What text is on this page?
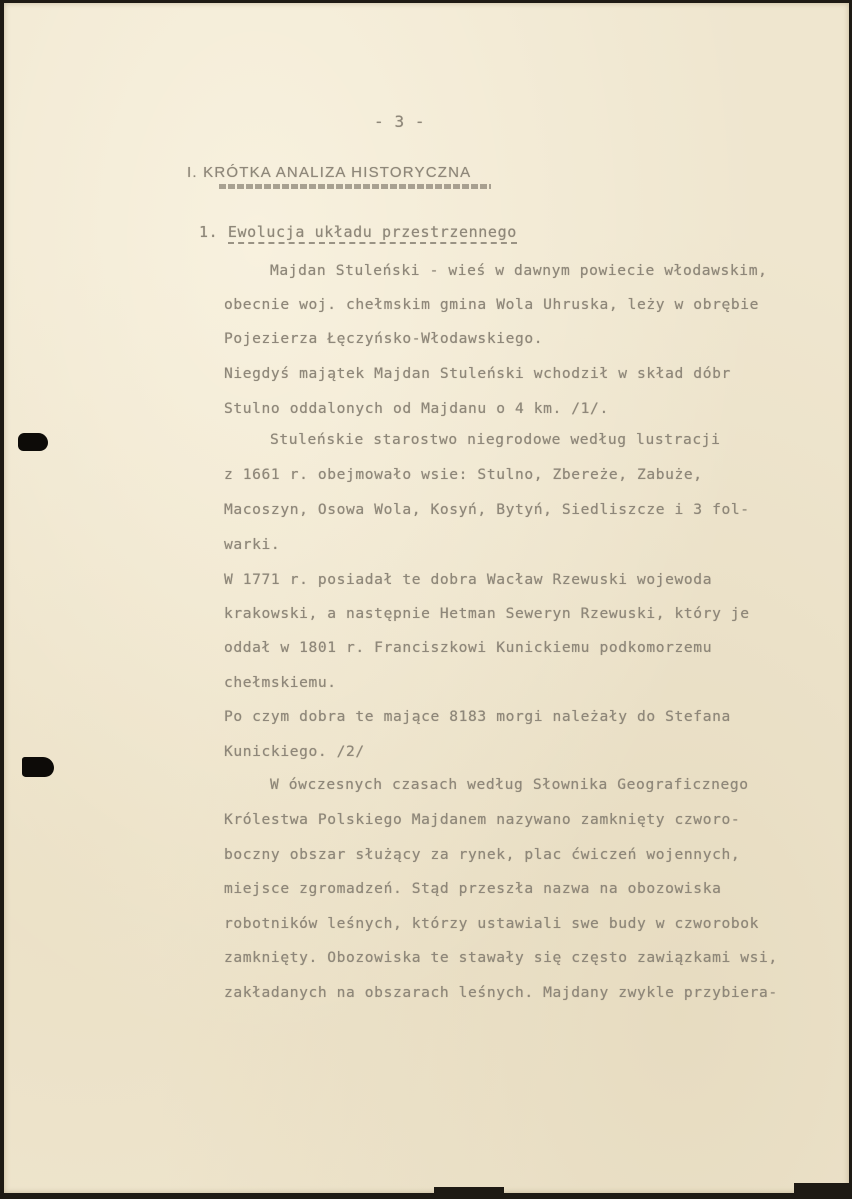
- 3 -
I. KRÓTKA ANALIZA HISTORYCZNA
1. Ewolucja układu przestrzennego
Majdan Stuleński - wieś w dawnym powiecie włodawskim,
obecnie woj. chełmskim gmina Wola Uhruska, leży w obrębie
Pojezierza Łęczyńsko-Włodawskiego.
Niegdyś majątek Majdan Stuleński wchodził w skład dóbr
Stulno oddalonych od Majdanu o 4 km. /1/.
Stuleńskie starostwo niegrodowe według lustracji
z 1661 r. obejmowało wsie: Stulno, Zbereże, Zabuże,
Macoszyn, Osowa Wola, Kosyń, Bytyń, Siedliszcze i 3 fol-
warki.
W 1771 r. posiadał te dobra Wacław Rzewuski wojewoda
krakowski, a następnie Hetman Seweryn Rzewuski, który je
oddał w 1801 r. Franciszkowi Kunickiemu podkomorzemu
chełmskiemu.
Po czym dobra te mające 8183 morgi należały do Stefana
Kunickiego. /2/
W ówczesnych czasach według Słownika Geograficznego
Królestwa Polskiego Majdanem nazywano zamknięty czworo-
boczny obszar służący za rynek, plac ćwiczeń wojennych,
miejsce zgromadzeń. Stąd przeszła nazwa na obozowiska
robotników leśnych, którzy ustawiali swe budy w czworobok
zamknięty. Obozowiska te stawały się często zawiązkami wsi,
zakładanych na obszarach leśnych. Majdany zwykle przybiera-
